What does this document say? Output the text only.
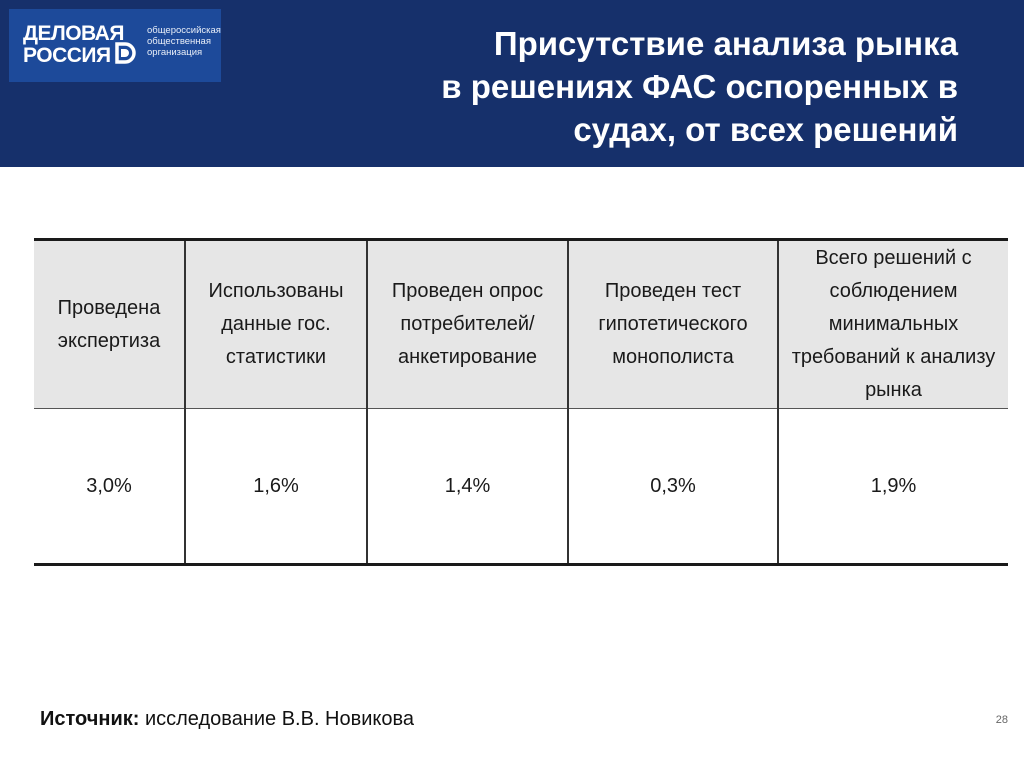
ДЕЛОВАЯ
РОССИЯ
общероссийская
общественная
организация	Присутствие анализа рынка
в решениях ФАС оспоренных в
судах, от всех решений
Проведена экспертиза	Использованы данные гос. статистики	Проведен опрос потребителей/ анкетирование	Проведен тест гипотетического монополиста	Всего решений с соблюдением минимальных требований к анализу рынка
3,0%	1,6%	1,4%	0,3%	1,9%
Источник: исследование В.В. Новикова	28
